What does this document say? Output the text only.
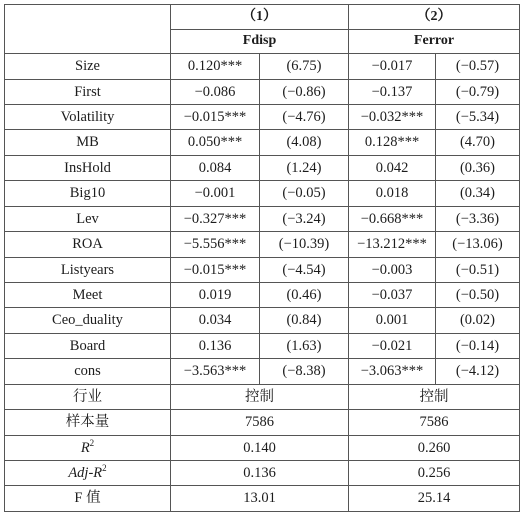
	（1）		（2）	
	Fdisp		Ferror	
Size	0.120***	(6.75)	−0.017	(−0.57)
First	−0.086	(−0.86)	−0.137	(−0.79)
Volatility	−0.015***	(−4.76)	−0.032***	(−5.34)
MB	0.050***	(4.08)	0.128***	(4.70)
InsHold	0.084	(1.24)	0.042	(0.36)
Big10	−0.001	(−0.05)	0.018	(0.34)
Lev	−0.327***	(−3.24)	−0.668***	(−3.36)
ROA	−5.556***	(−10.39)	−13.212***	(−13.06)
Listyears	−0.015***	(−4.54)	−0.003	(−0.51)
Meet	0.019	(0.46)	−0.037	(−0.50)
Ceo_duality	0.034	(0.84)	0.001	(0.02)
Board	0.136	(1.63)	−0.021	(−0.14)
cons	−3.563***	(−8.38)	−3.063***	(−4.12)
行业	控制		控制	
样本量	7586		7586	
$R^2$	0.140		0.260	
Adj-$R^2$	0.136		0.256	
F 值	13.01		25.14	
